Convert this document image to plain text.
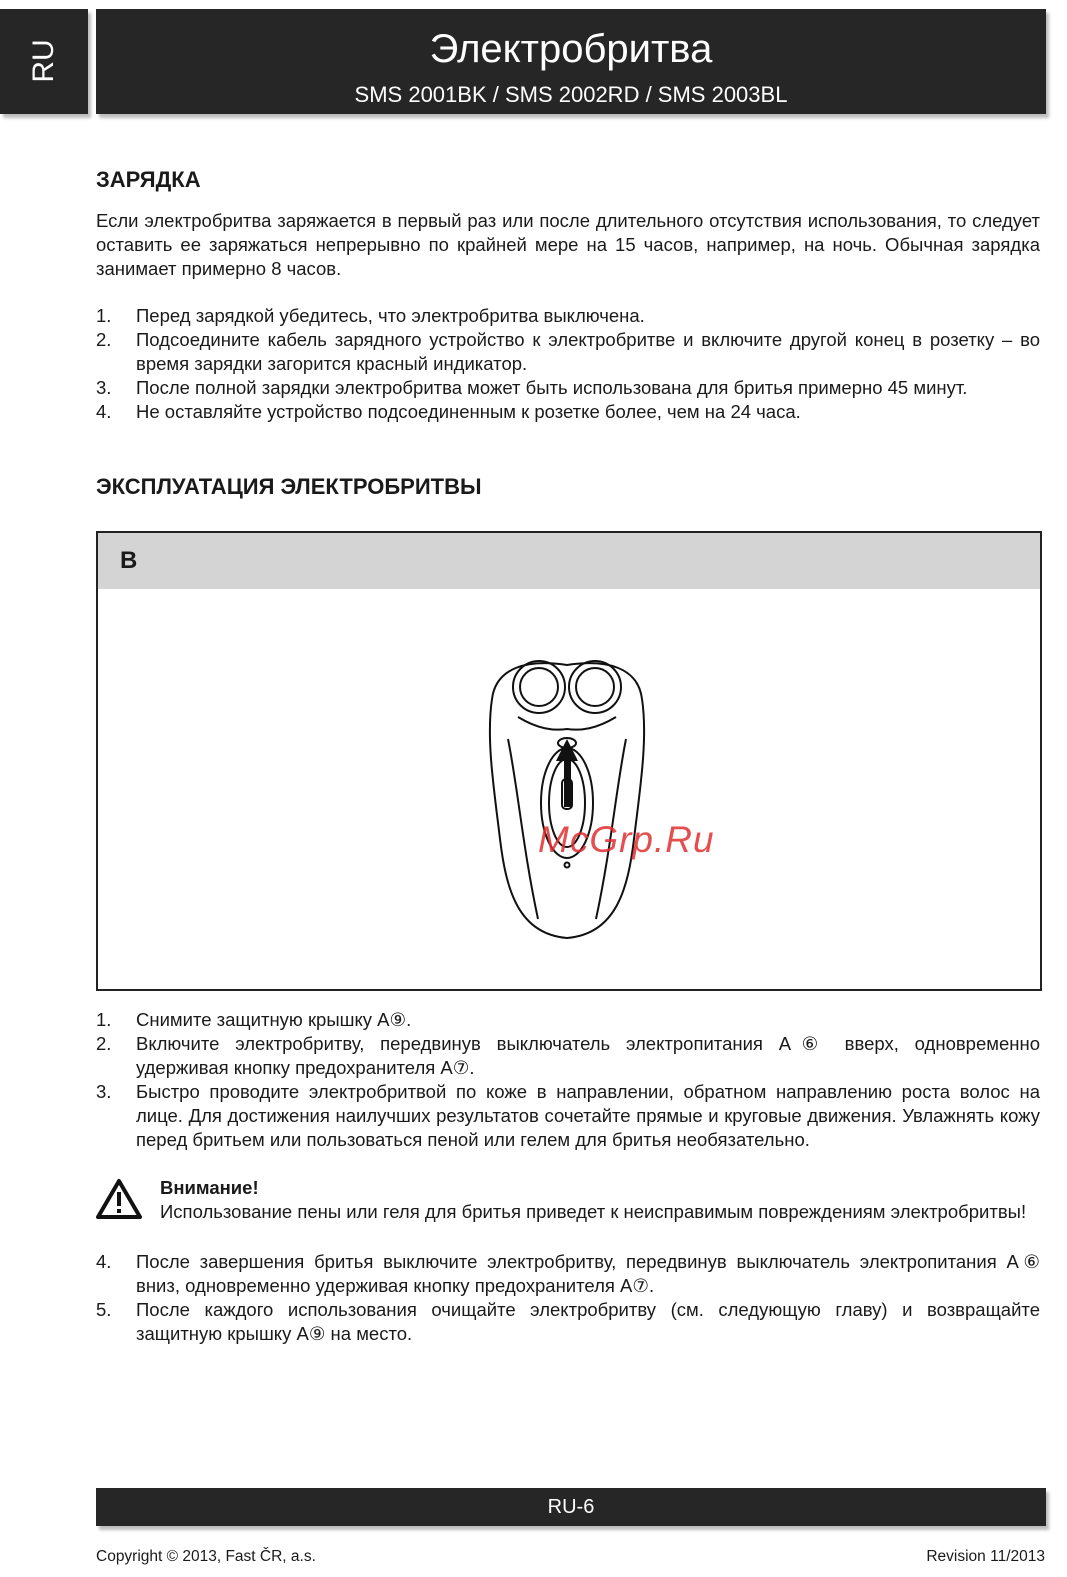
RU	Электробритва
SMS 2001BK / SMS 2002RD / SMS 2003BL
ЗАРЯДКА

Если электробритва заряжается в первый раз или после длительного отсутствия использования, то следует оставить ее заряжаться непрерывно по крайней мере на 15 часов, например, на ночь. Обычная зарядка занимает примерно 8 часов.

1. Перед зарядкой убедитесь, что электробритва выключена.
2. Подсоедините кабель зарядного устройство к электробритве и включите другой конец в розетку – во время зарядки загорится красный индикатор.
3. После полной зарядки электробритва может быть использована для бритья примерно 45 минут.
4. Не оставляйте устройство подсоединенным к розетке более, чем на 24 часа.
ЭКСПЛУАТАЦИЯ ЭЛЕКТРОБРИТВЫ
1. Снимите защитную крышку A⑨.
2. Включите электробритву, передвинув выключатель электропитания A⑥ вверх, одновременно удерживая кнопку предохранителя A⑦.
3. Быстро проводите электробритвой по коже в направлении, обратном направлению роста волос на лице. Для достижения наилучших результатов сочетайте прямые и круговые движения. Увлажнять кожу перед бритьем или пользоваться пеной или гелем для бритья необязательно.
4. После завершения бритья выключите электробритву, передвинув выключатель электропитания A⑥ вниз, одновременно удерживая кнопку предохранителя A⑦.
5. После каждого использования очищайте электробритву (см. следующую главу) и возвращайте защитную крышку A⑨ на место.
B
McGrp.Ru
Внимание!
Использование пены или геля для бритья приведет к неисправимым повреждениям электробритвы!
RU-6
Copyright © 2013, Fast ČR, a.s.	Revision 11/2013
